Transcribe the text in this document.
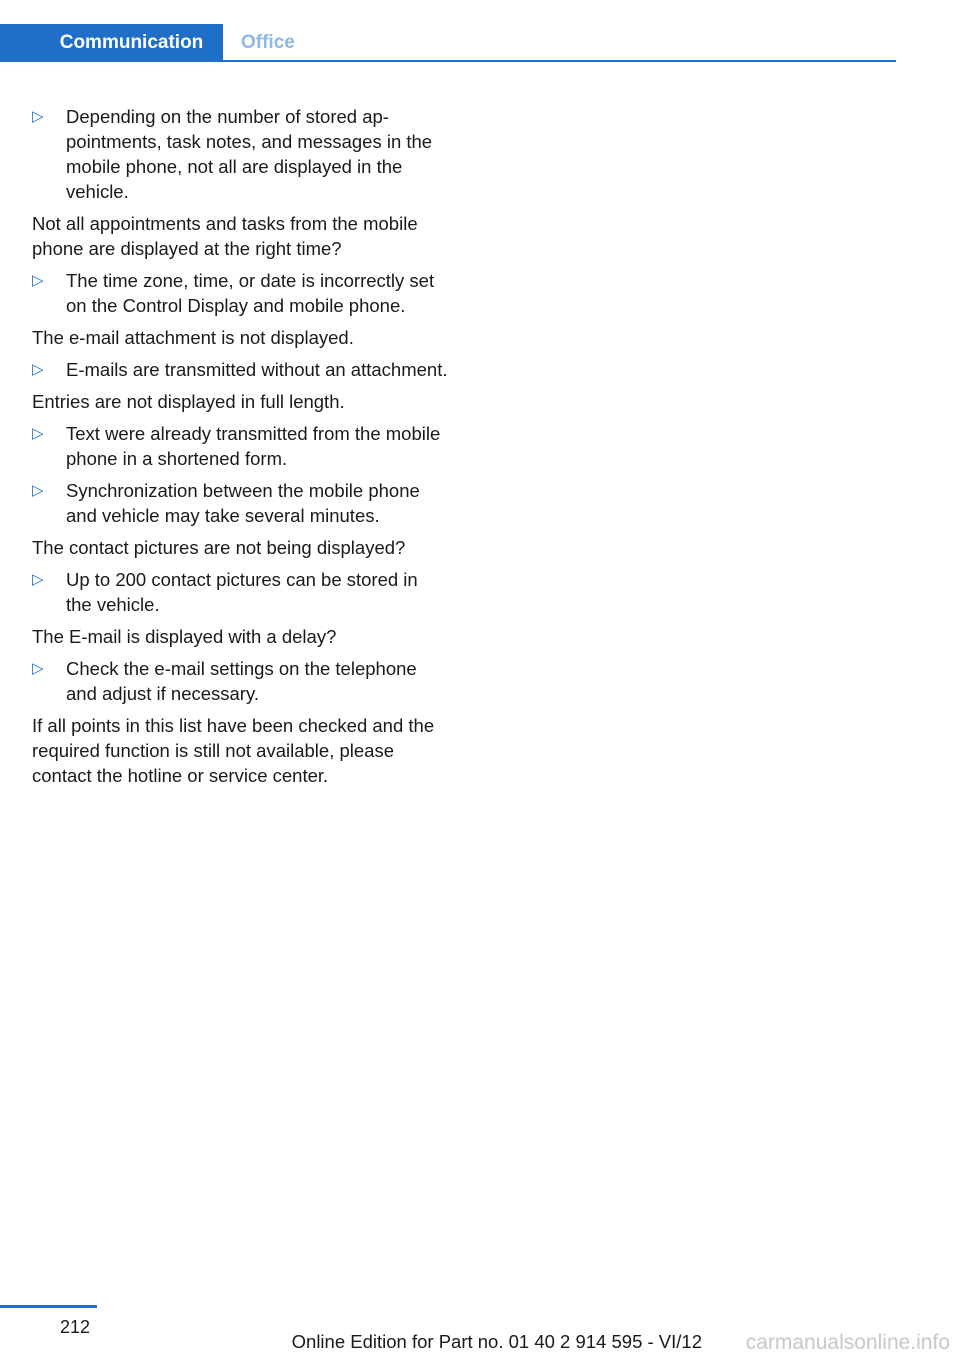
Communication	Office
▷ Depending on the number of stored appointments, task notes, and messages in the mobile phone, not all are displayed in the vehicle.

Not all appointments and tasks from the mobile phone are displayed at the right time?

▷ The time zone, time, or date is incorrectly set on the Control Display and mobile phone.

The e-mail attachment is not displayed.

▷ E-mails are transmitted without an attachment.

Entries are not displayed in full length.

▷ Text were already transmitted from the mobile phone in a shortened form.
▷ Synchronization between the mobile phone and vehicle may take several minutes.

The contact pictures are not being displayed?

▷ Up to 200 contact pictures can be stored in the vehicle.

The E-mail is displayed with a delay?

▷ Check the e-mail settings on the telephone and adjust if necessary.

If all points in this list have been checked and the required function is still not available, please contact the hotline or service center.

212
Online Edition for Part no. 01 40 2 914 595 - VI/12 carmanualsonline.info
